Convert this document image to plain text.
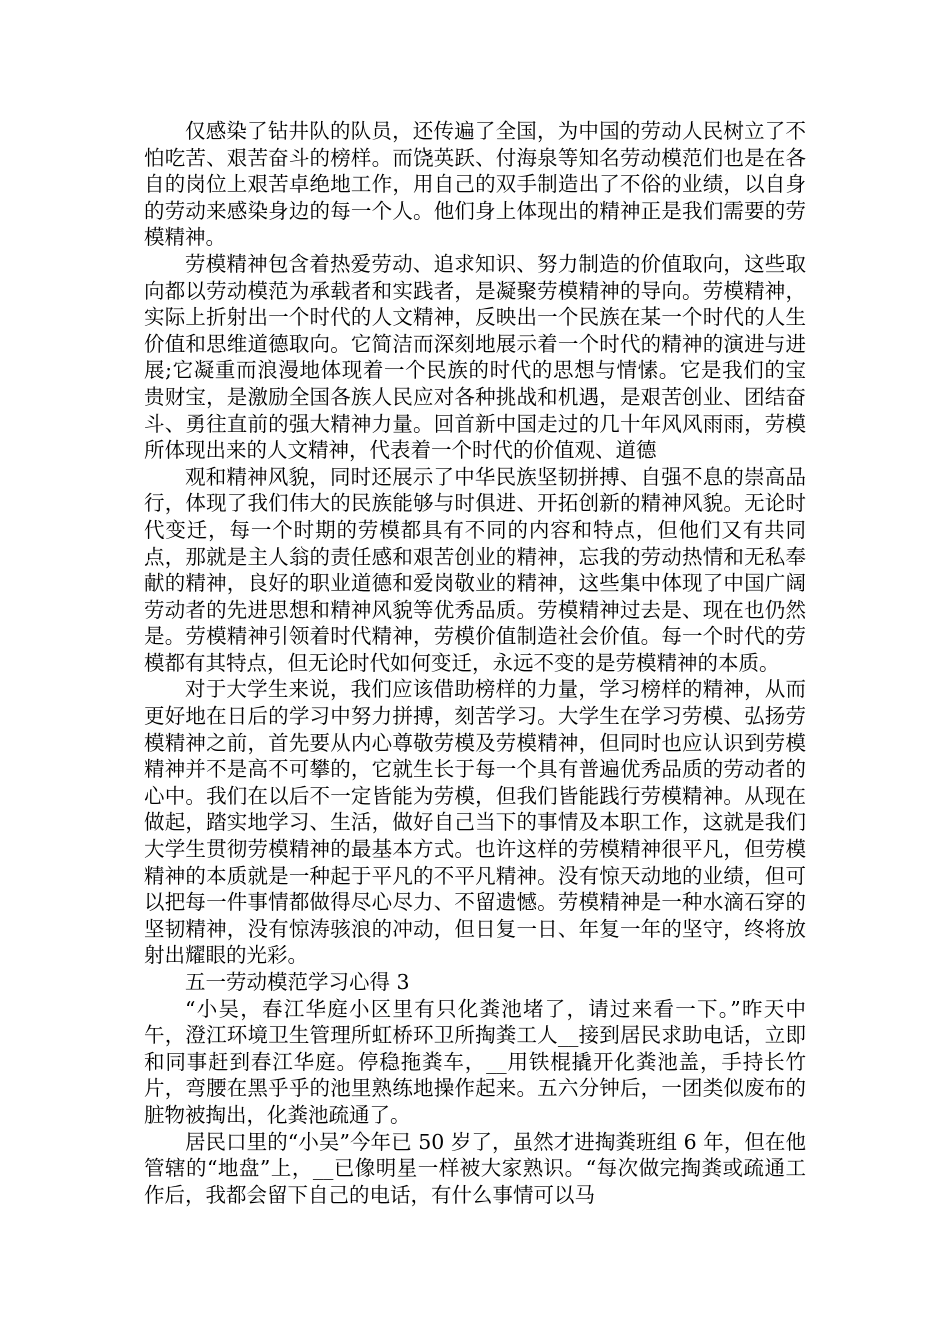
仅感染了钻井队的队员，还传遍了全国，为中国的劳动人民树立了不怕吃苦、艰苦奋斗的榜样。而饶英跃、付海泉等知名劳动模范们也是在各自的岗位上艰苦卓绝地工作，用自己的双手制造出了不俗的业绩，以自身的劳动来感染身边的每一个人。他们身上体现出的精神正是我们需要的劳模精神。

劳模精神包含着热爱劳动、追求知识、努力制造的价值取向，这些取向都以劳动模范为承载者和实践者，是凝聚劳模精神的导向。劳模精神，实际上折射出一个时代的人文精神，反映出一个民族在某一个时代的人生价值和思维道德取向。它简洁而深刻地展示着一个时代的精神的演进与进展;它凝重而浪漫地体现着一个民族的时代的思想与情愫。它是我们的宝贵财宝，是激励全国各族人民应对各种挑战和机遇，是艰苦创业、团结奋斗、勇往直前的强大精神力量。回首新中国走过的几十年风风雨雨，劳模所体现出来的人文精神，代表着一个时代的价值观、道德

观和精神风貌，同时还展示了中华民族坚韧拼搏、自强不息的崇高品行，体现了我们伟大的民族能够与时俱进、开拓创新的精神风貌。无论时代变迁，每一个时期的劳模都具有不同的内容和特点，但他们又有共同点，那就是主人翁的责任感和艰苦创业的精神，忘我的劳动热情和无私奉献的精神，良好的职业道德和爱岗敬业的精神，这些集中体现了中国广阔劳动者的先进思想和精神风貌等优秀品质。劳模精神过去是、现在也仍然是。劳模精神引领着时代精神，劳模价值制造社会价值。每一个时代的劳模都有其特点，但无论时代如何变迁，永远不变的是劳模精神的本质。

对于大学生来说，我们应该借助榜样的力量，学习榜样的精神，从而更好地在日后的学习中努力拼搏，刻苦学习。大学生在学习劳模、弘扬劳模精神之前，首先要从内心尊敬劳模及劳模精神，但同时也应认识到劳模精神并不是高不可攀的，它就生长于每一个具有普遍优秀品质的劳动者的心中。我们在以后不一定皆能为劳模，但我们皆能践行劳模精神。从现在做起，踏实地学习、生活，做好自己当下的事情及本职工作，这就是我们大学生贯彻劳模精神的最基本方式。也许这样的劳模精神很平凡，但劳模精神的本质就是一种起于平凡的不平凡精神。没有惊天动地的业绩，但可以把每一件事情都做得尽心尽力、不留遗憾。劳模精神是一种水滴石穿的坚韧精神，没有惊涛骇浪的冲动，但日复一日、年复一年的坚守，终将放射出耀眼的光彩。

五一劳动模范学习心得 3

“小吴，春江华庭小区里有只化粪池堵了，请过来看一下。”昨天中午，澄江环境卫生管理所虹桥环卫所掏粪工人__接到居民求助电话，立即和同事赶到春江华庭。停稳拖粪车，__用铁棍撬开化粪池盖，手持长竹片，弯腰在黑乎乎的池里熟练地操作起来。五六分钟后，一团类似废布的脏物被掏出，化粪池疏通了。

居民口里的“小吴”今年已 50 岁了，虽然才进掏粪班组 6 年，但在他管辖的“地盘”上，__已像明星一样被大家熟识。“每次做完掏粪或疏通工作后，我都会留下自己的电话，有什么事情可以马
